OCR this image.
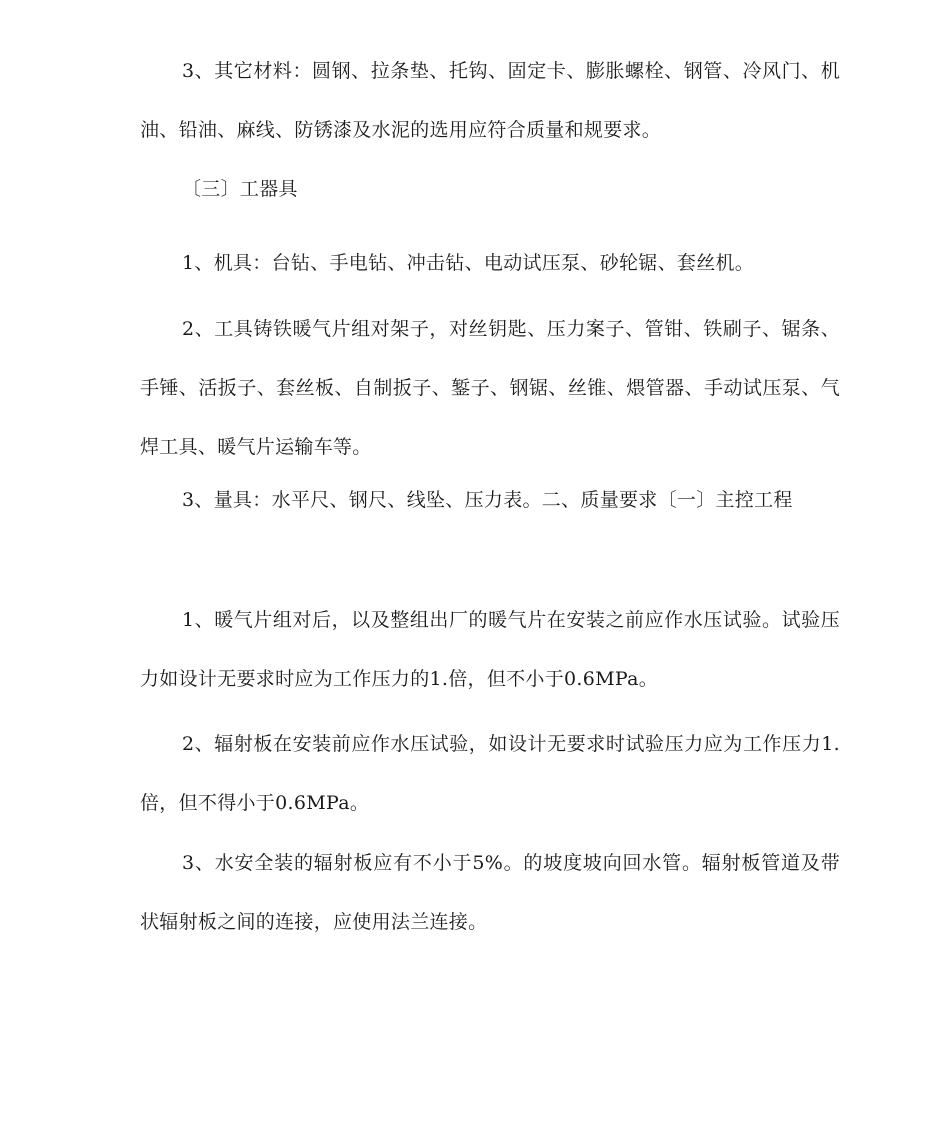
3、其它材料：圆钢、拉条垫、托钩、固定卡、膨胀螺栓、钢管、冷风门、机油、铅油、麻线、防锈漆及水泥的选用应符合质量和规要求。

〔三〕工器具

1、机具：台钻、手电钻、冲击钻、电动试压泵、砂轮锯、套丝机。

2、工具铸铁暖气片组对架子，对丝钥匙、压力案子、管钳、铁刷子、锯条、手锤、活扳子、套丝板、自制扳子、錾子、钢锯、丝锥、煨管器、手动试压泵、气焊工具、暖气片运输车等。

3、量具：水平尺、钢尺、线坠、压力表。二、质量要求〔一〕主控工程

1、暖气片组对后，以及整组出厂的暖气片在安装之前应作水压试验。试验压力如设计无要求时应为工作压力的1.倍，但不小于0.6MPa。

2、辐射板在安装前应作水压试验，如设计无要求时试验压力应为工作压力1.倍，但不得小于0.6MPa。

3、水安全装的辐射板应有不小于5%。的坡度坡向回水管。辐射板管道及带状辐射板之间的连接，应使用法兰连接。
